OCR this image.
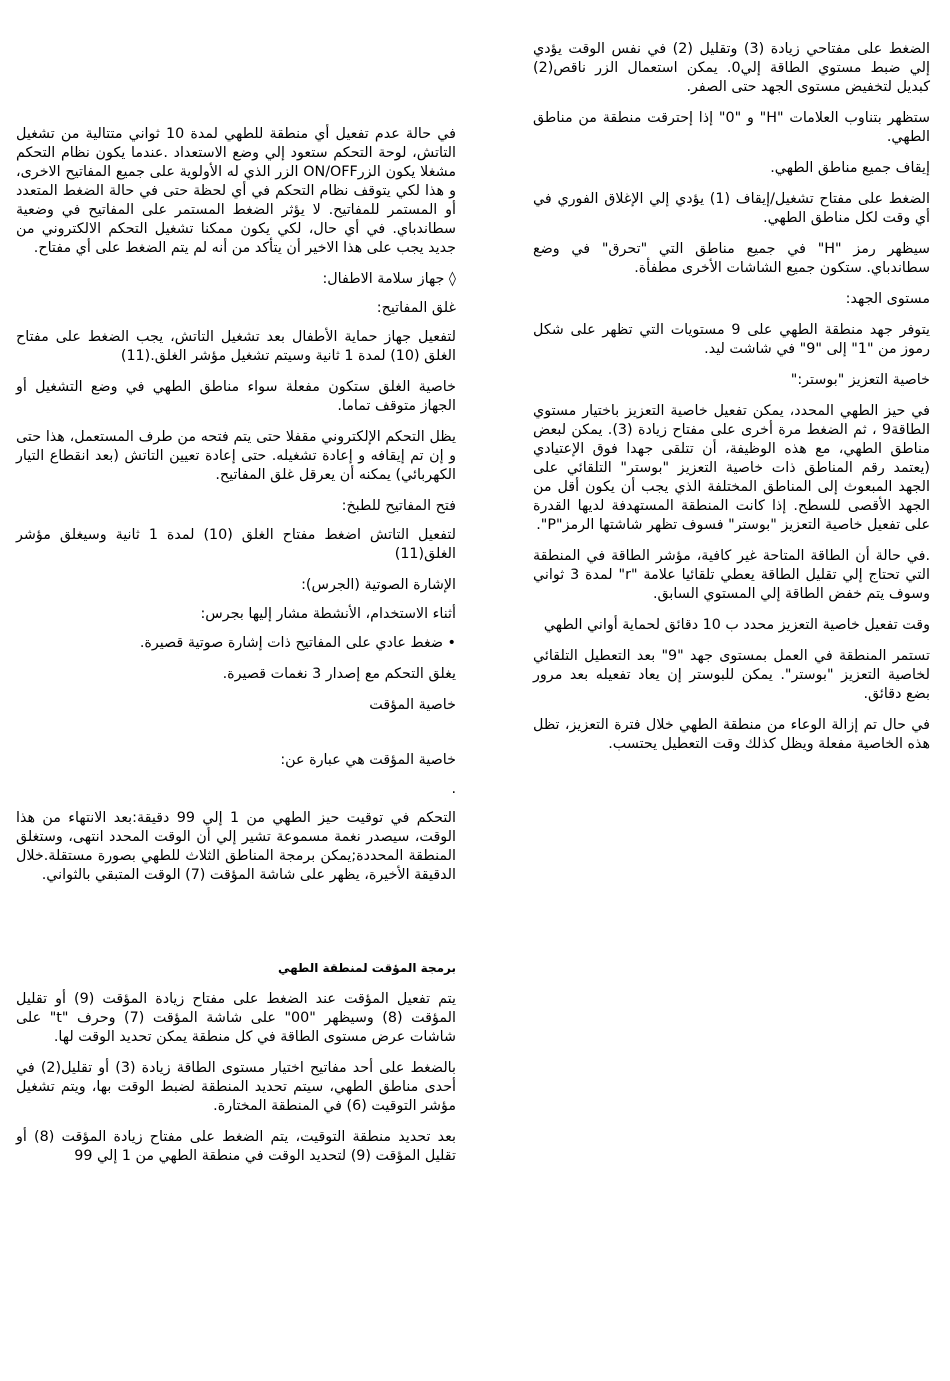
الضغط على مفتاحي زيادة (3) وتقليل (2) في نفس الوقت يؤدي إلي ضبط مستوي الطاقة إلي0. يمكن استعمال الزر ناقص(2) كبديل لتخفيض مستوى الجهد حتى الصفر.

ستظهر بتناوب العلامات "H" و "0" إذا إحترقت منطقة من مناطق الطهي.

إيقاف جميع مناطق الطهي.

الضغط على مفتاح تشغيل/إيقاف (1) يؤدي إلي الإغلاق الفوري في أي وقت لكل مناطق الطهي.

سيظهر رمز "H" في جميع مناطق التي "تحرق" في وضع سطاندباي. ستكون جميع الشاشات الأخرى مطفأة.

مستوى الجهد:

يتوفر جهد منطقة الطهي على 9 مستويات التي تظهر على شكل رموز من "1" إلى "9" في شاشت ليد.

خاصية التعزيز "بوستر:"

في حيز الطهي المحدد، يمكن تفعيل خاصية التعزيز باختيار مستوي الطاقة9 ، ثم الضغط مرة أخرى على مفتاح زيادة (3). يمكن لبعض مناطق الطهي، مع هذه الوظيفة، أن تتلقى جهدا فوق الإعتيادي (يعتمد رقم المناطق ذات خاصية التعزيز "بوستر" التلقائي على الجهد المبعوث إلى المناطق المختلفة الذي يجب أن يكون أقل من الجهد الأقصى للسطح. إذا كانت المنطقة المستهدفة لديها القدرة على تفعيل خاصية التعزيز "بوستر" فسوف تظهر شاشتها الرمز"P".

.في حالة أن الطاقة المتاحة غير كافية، مؤشر الطاقة في المنطقة التي تحتاج إلي تقليل الطاقة يعطي تلقائيا علامة "r" لمدة 3 ثواني وسوف يتم خفض الطاقة إلي المستوي السابق.

وقت تفعيل خاصية التعزيز محدد ب 10 دقائق لحماية أواني الطهي

تستمر المنطقة في العمل بمستوى جهد "9" بعد التعطيل التلقائي لخاصية التعزيز "بوستر". يمكن للبوستر إن يعاد تفعيله بعد مرور بضع دقائق.

في حال تم إزالة الوعاء من منطقة الطهي خلال فترة التعزيز، تظل هذه الخاصية مفعلة ويظل كذلك وقت التعطيل يحتسب.

في حالة عدم تفعيل أي منطقة للطهي لمدة 10 ثواني متتالية من تشغيل التاتش، لوحة التحكم ستعود إلي وضع الاستعداد .عندما يكون نظام التحكم مشغلا يكون الزرON/OFF الزر الذي له الأولوية على جميع المفاتيح الاخرى، و هذا لكي يتوقف نظام التحكم في أي لحظة حتى في حالة الضغط المتعدد أو المستمر للمفاتيح. لا يؤثر الضغط المستمر على المفاتيح في وضعية سطاندباي. في أي حال، لكي يكون ممكنا تشغيل التحكم الالكتروني من جديد يجب على هذا الاخير أن يتأكد من أنه لم يتم الضغط على أي مفتاح.

◊ جهاز سلامة الاطفال:

غلق المفاتيح:

لتفعيل جهاز حماية الأطفال بعد تشغيل التاتش، يجب الضغط على مفتاح الغلق (10) لمدة 1 ثانية وسيتم تشغيل مؤشر الغلق.(11)

خاصية الغلق ستكون مفعلة سواء مناطق الطهي في وضع التشغيل أو الجهاز متوقف تماما.

يظل التحكم الإلكتروني مقفلا حتى يتم فتحه من طرف المستعمل، هذا حتى و إن تم إيقافه و إعادة تشغيله. حتى إعادة تعيين التاتش (بعد انقطاع التيار الكهربائي) يمكنه أن يعرقل غلق المفاتيح.

فتح المفاتيح للطبخ:

لتفعيل التاتش اضغط مفتاح الغلق (10) لمدة 1 ثانية وسيغلق مؤشر الغلق(11)

الإشارة الصوتية (الجرس):

أثناء الاستخدام، الأنشطة مشار إليها بجرس:

• ضغط عادي على المفاتيح ذات إشارة صوتية قصيرة.

يغلق التحكم مع إصدار 3 نغمات قصيرة.

خاصية المؤقت

خاصية المؤقت هي عبارة عن:

.

التحكم في توقيت حيز الطهي من 1 إلي 99 دقيقة:بعد الانتهاء من هذا الوقت، سيصدر نغمة مسموعة تشير إلي أن الوقت المحدد انتهى، وستغلق المنطقة المحددة;يمكن برمجة المناطق الثلاث للطهي بصورة مستقلة.خلال الدقيقة الأخيرة، يظهر على شاشة المؤقت (7) الوقت المتبقي بالثواني.

برمجة المؤقت لمنطقة الطهي

يتم تفعيل المؤقت عند الضغط على مفتاح زيادة المؤقت (9) أو تقليل المؤقت (8) وسيظهر "00" على شاشة المؤقت (7) وحرف "t" على شاشات عرض مستوى الطاقة في كل منطقة يمكن تحديد الوقت لها.

بالضغط على أحد مفاتيح اختيار مستوى الطاقة زيادة (3) أو تقليل(2) في أحدى مناطق الطهي، سيتم تحديد المنطقة لضبط الوقت بها، ويتم تشغيل مؤشر التوقيت (6) في المنطقة المختارة.

بعد تحديد منطقة التوقيت، يتم الضغط على مفتاح زيادة المؤقت (8) أو تقليل المؤقت (9) لتحديد الوقت في منطقة الطهي من 1 إلي 99
